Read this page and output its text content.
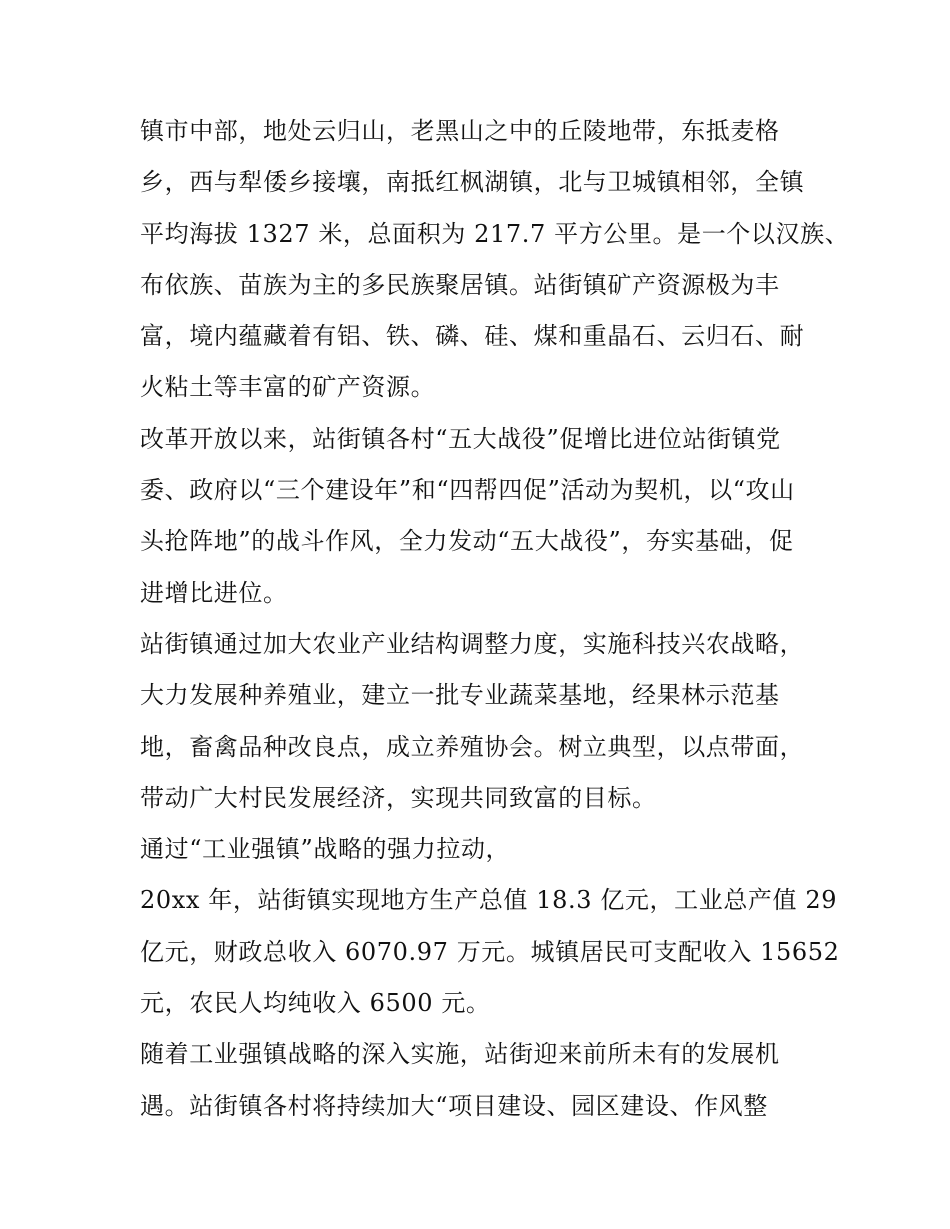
镇市中部，地处云归山，老黑山之中的丘陵地带，东抵麦格
乡，西与犁倭乡接壤，南抵红枫湖镇，北与卫城镇相邻，全镇
平均海拔 1327 米，总面积为 217.7 平方公里。是一个以汉族、
布依族、苗族为主的多民族聚居镇。站街镇矿产资源极为丰
富，境内蕴藏着有铝、铁、磷、硅、煤和重晶石、云归石、耐
火粘土等丰富的矿产资源。
改革开放以来，站街镇各村“五大战役”促增比进位站街镇党
委、政府以“三个建设年”和“四帮四促”活动为契机，以“攻山
头抢阵地”的战斗作风，全力发动“五大战役”，夯实基础，促
进增比进位。
站街镇通过加大农业产业结构调整力度，实施科技兴农战略，
大力发展种养殖业，建立一批专业蔬菜基地，经果林示范基
地，畜禽品种改良点，成立养殖协会。树立典型，以点带面，
带动广大村民发展经济，实现共同致富的目标。
通过“工业强镇”战略的强力拉动，
20xx 年，站街镇实现地方生产总值 18.3 亿元，工业总产值 29
亿元，财政总收入 6070.97 万元。城镇居民可支配收入 15652
元，农民人均纯收入 6500 元。
随着工业强镇战略的深入实施，站街迎来前所未有的发展机
遇。站街镇各村将持续加大“项目建设、园区建设、作风整
